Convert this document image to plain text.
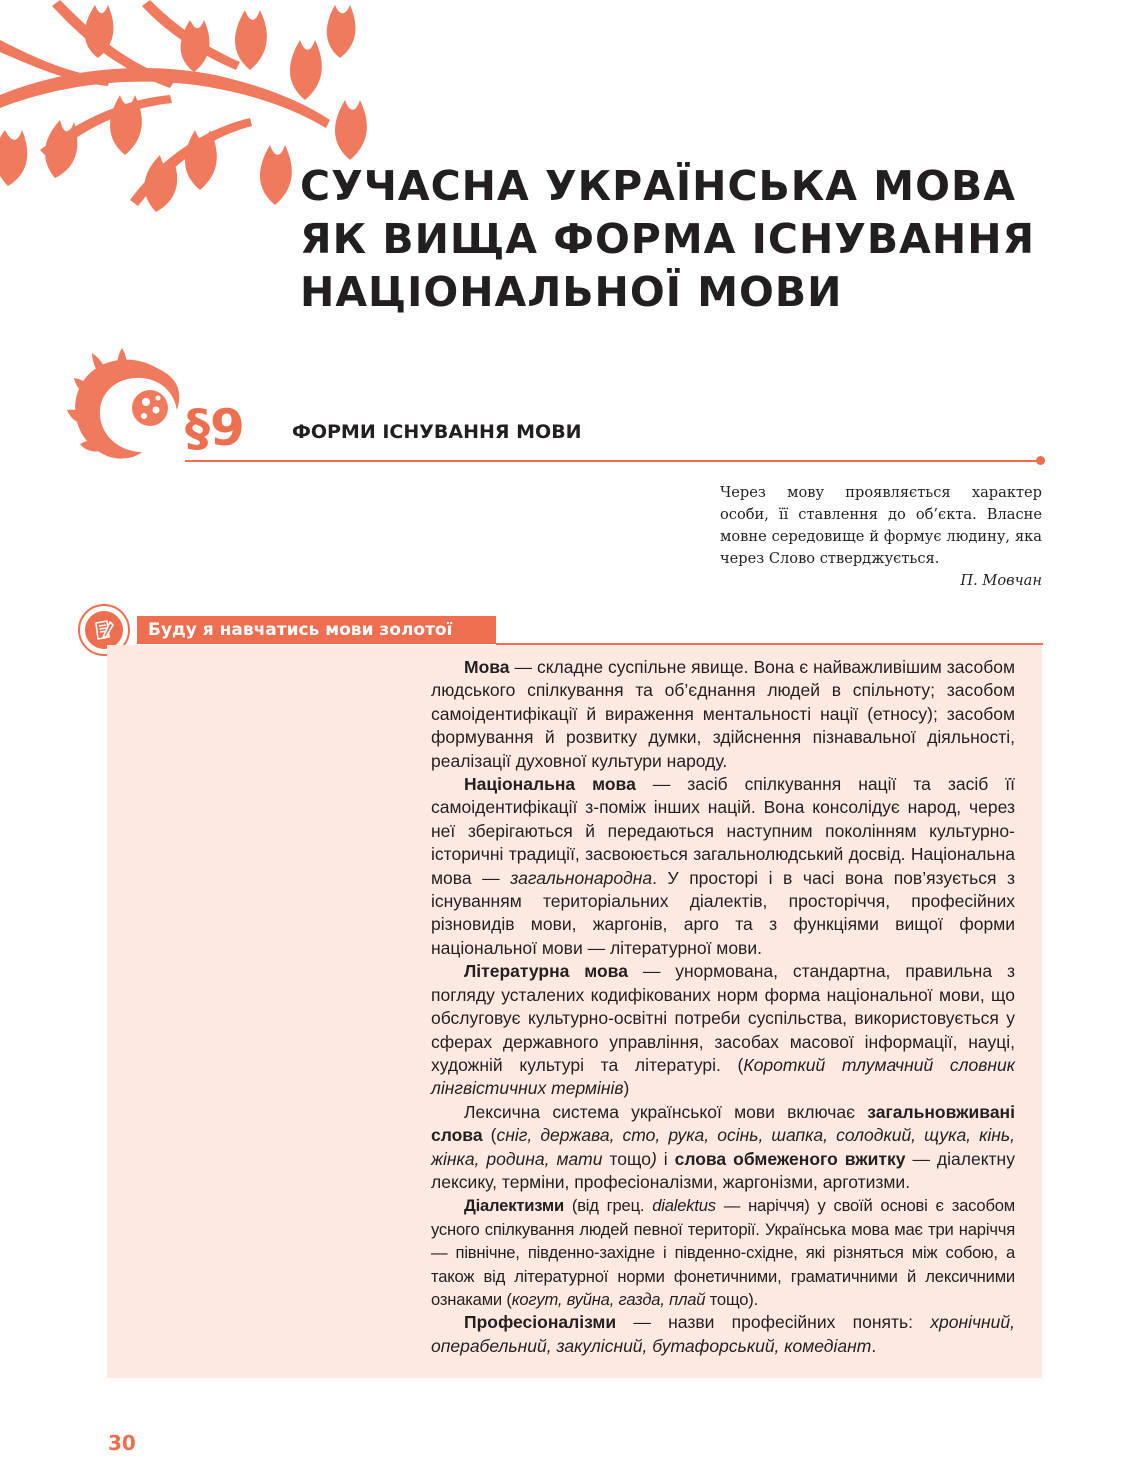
СУЧАСНА УКРАЇНСЬКА МОВА
ЯК ВИЩА ФОРМА ІСНУВАННЯ
НАЦІОНАЛЬНОЇ МОВИ
§9 ФОРМИ ІСНУВАННЯ МОВИ
Через мову проявляється характер особи, її ставлення до об’єкта. Власне мовне середовище й формує людину, яка через Слово стверджується.
П. Мовчан
Буду я навчатись мови золотої

Мова — складне суспільне явище. Вона є найважливішим засобом людського спілкування та об’єднання людей в спільноту; засобом самоідентифікації й вираження ментальності нації (етносу); засобом формування й розвитку думки, здійснення пізнавальної діяльності, реалізації духовної культури народу.

Національна мова — засіб спілкування нації та засіб її самоідентифікації з-поміж інших націй. Вона консолідує народ, через неї зберігаються й передаються наступним поколінням культурно-історичні традиції, засвоюється загальнолюдський досвід. Національна мова — загальнонародна. У просторі і в часі вона пов’язується з існуванням територіальних діалектів, просторіччя, професійних різновидів мови, жаргонів, арго та з функціями вищої форми національної мови — літературної мови.

Літературна мова — унормована, стандартна, правильна з погляду усталених кодифікованих норм форма національної мови, що обслуговує культурно-освітні потреби суспільства, використовується у сферах державного управління, засобах масової інформації, науці, художній культурі та літературі. (Короткий тлумачний словник лінгвістичних термінів)

Лексична система української мови включає загальновживані слова (сніг, держава, сто, рука, осінь, шапка, солодкий, щука, кінь, жінка, родина, мати тощо) і слова обмеженого вжитку — діалектну лексику, терміни, професіоналізми, жаргонізми, арготизми.

Діалектизми (від грец. dialektus — наріччя) у своїй основі є засобом усного спілкування людей певної території. Українська мова має три наріччя — північне, південно-західне і південно-східне, які різняться між собою, а також від літературної норми фонетичними, граматичними й лексичними ознаками (когут, вуйна, газда, плай тощо).

Професіоналізми — назви професійних понять: хронічний, операбельний, закулісний, бутафорський, комедіант.

30
